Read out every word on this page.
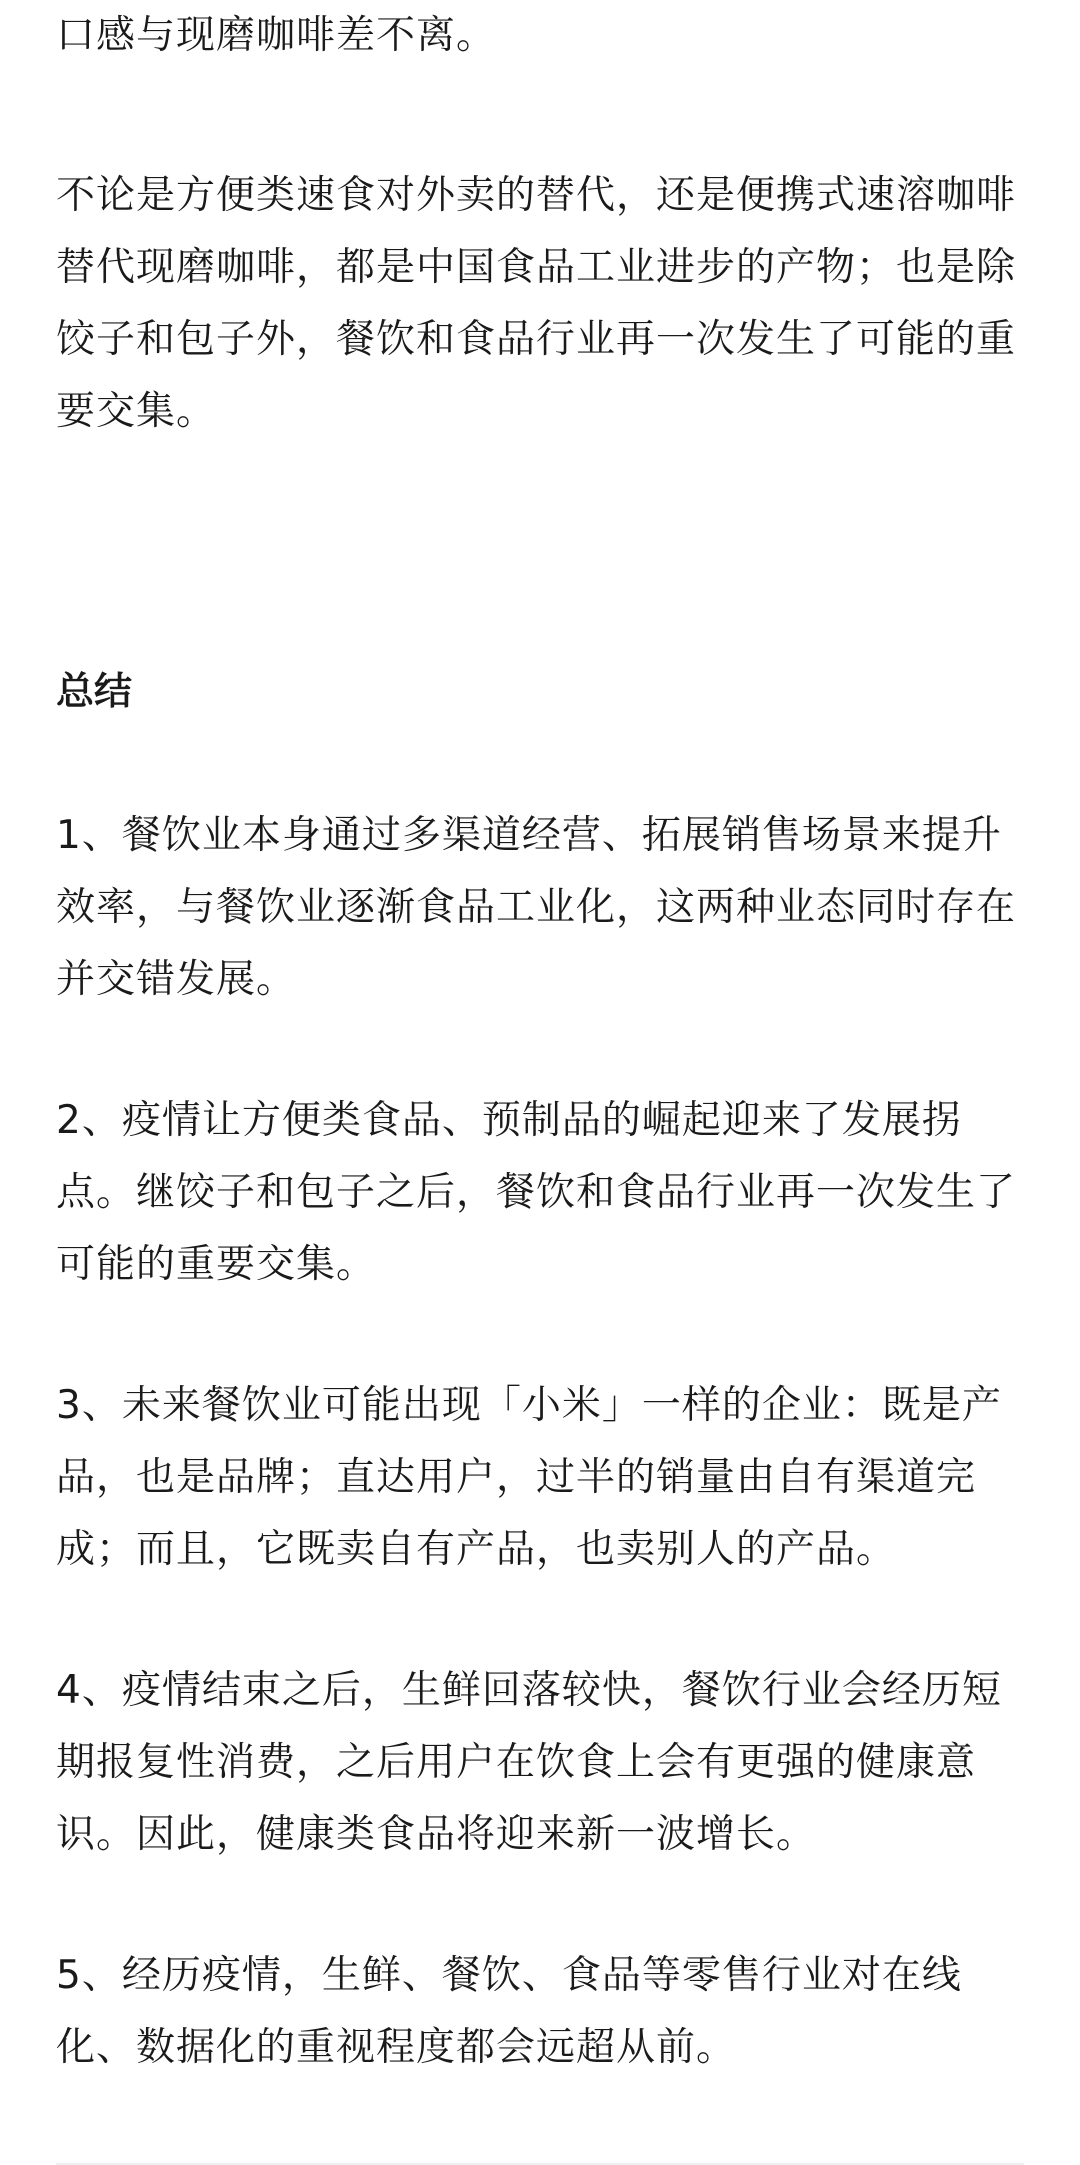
口感与现磨咖啡差不离。

不论是方便类速食对外卖的替代，还是便携式速溶咖啡替代现磨咖啡，都是中国食品工业进步的产物；也是除饺子和包子外，餐饮和食品行业再一次发生了可能的重要交集。

总结

1、餐饮业本身通过多渠道经营、拓展销售场景来提升效率，与餐饮业逐渐食品工业化，这两种业态同时存在并交错发展。

2、疫情让方便类食品、预制品的崛起迎来了发展拐点。继饺子和包子之后，餐饮和食品行业再一次发生了可能的重要交集。

3、未来餐饮业可能出现「小米」一样的企业：既是产品，也是品牌；直达用户，过半的销量由自有渠道完成；而且，它既卖自有产品，也卖别人的产品。

4、疫情结束之后，生鲜回落较快，餐饮行业会经历短期报复性消费，之后用户在饮食上会有更强的健康意识。因此，健康类食品将迎来新一波增长。

5、经历疫情，生鲜、餐饮、食品等零售行业对在线化、数据化的重视程度都会远超从前。
